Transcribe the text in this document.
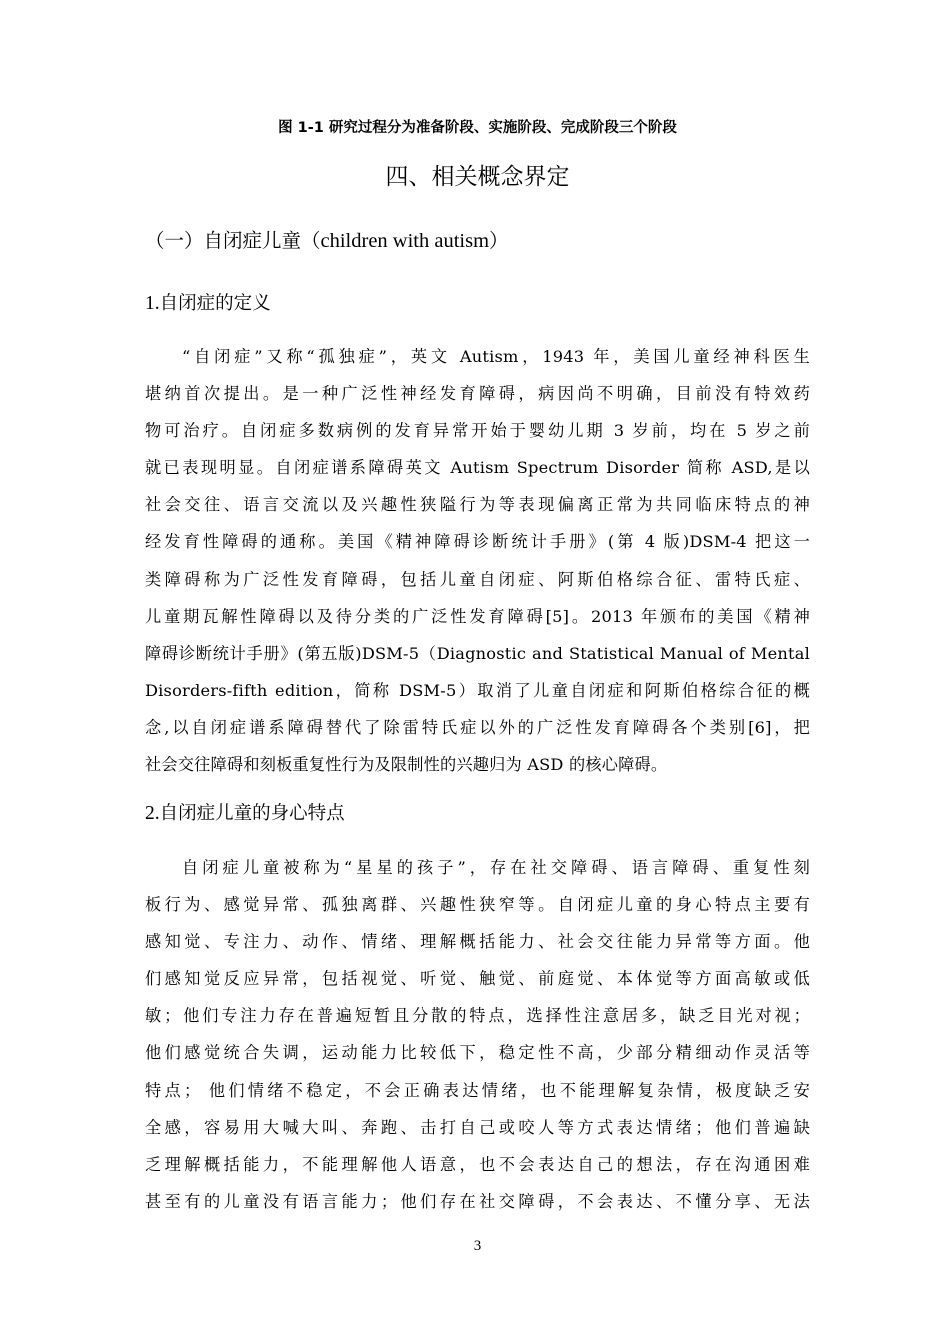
图 1-1 研究过程分为准备阶段、实施阶段、完成阶段三个阶段
四、相关概念界定
（一）自闭症儿童（children with autism）
1.自闭症的定义
“自闭症”又称“孤独症”，英文 Autism，1943 年，美国儿童经神科医生
堪纳首次提出。是一种广泛性神经发育障碍，病因尚不明确，目前没有特效药
物可治疗。自闭症多数病例的发育异常开始于婴幼儿期 3 岁前，均在 5 岁之前
就已表现明显。自闭症谱系障碍英文 Autism Spectrum Disorder 简称 ASD,是以
社会交往、语言交流以及兴趣性狭隘行为等表现偏离正常为共同临床特点的神
经发育性障碍的通称。美国《精神障碍诊断统计手册》(第 4 版)DSM-4 把这一
类障碍称为广泛性发育障碍，包括儿童自闭症、阿斯伯格综合征、雷特氏症、
儿童期瓦解性障碍以及待分类的广泛性发育障碍[5]。2013 年颁布的美国《精神
障碍诊断统计手册》(第五版)DSM-5（Diagnostic and Statistical Manual of Mental
Disorders-fifth edition，简称 DSM-5）取消了儿童自闭症和阿斯伯格综合征的概
念,以自闭症谱系障碍替代了除雷特氏症以外的广泛性发育障碍各个类别[6]，把
社会交往障碍和刻板重复性行为及限制性的兴趣归为 ASD 的核心障碍。
2.自闭症儿童的身心特点
自闭症儿童被称为“星星的孩子”，存在社交障碍、语言障碍、重复性刻
板行为、感觉异常、孤独离群、兴趣性狭窄等。自闭症儿童的身心特点主要有
感知觉、专注力、动作、情绪、理解概括能力、社会交往能力异常等方面。他
们感知觉反应异常，包括视觉、听觉、触觉、前庭觉、本体觉等方面高敏或低
敏；他们专注力存在普遍短暂且分散的特点，选择性注意居多，缺乏目光对视；
他们感觉统合失调，运动能力比较低下，稳定性不高，少部分精细动作灵活等
特点； 他们情绪不稳定，不会正确表达情绪，也不能理解复杂情，极度缺乏安
全感，容易用大喊大叫、奔跑、击打自己或咬人等方式表达情绪；他们普遍缺
乏理解概括能力，不能理解他人语意，也不会表达自己的想法，存在沟通困难
甚至有的儿童没有语言能力；他们存在社交障碍，不会表达、不懂分享、无法
3
